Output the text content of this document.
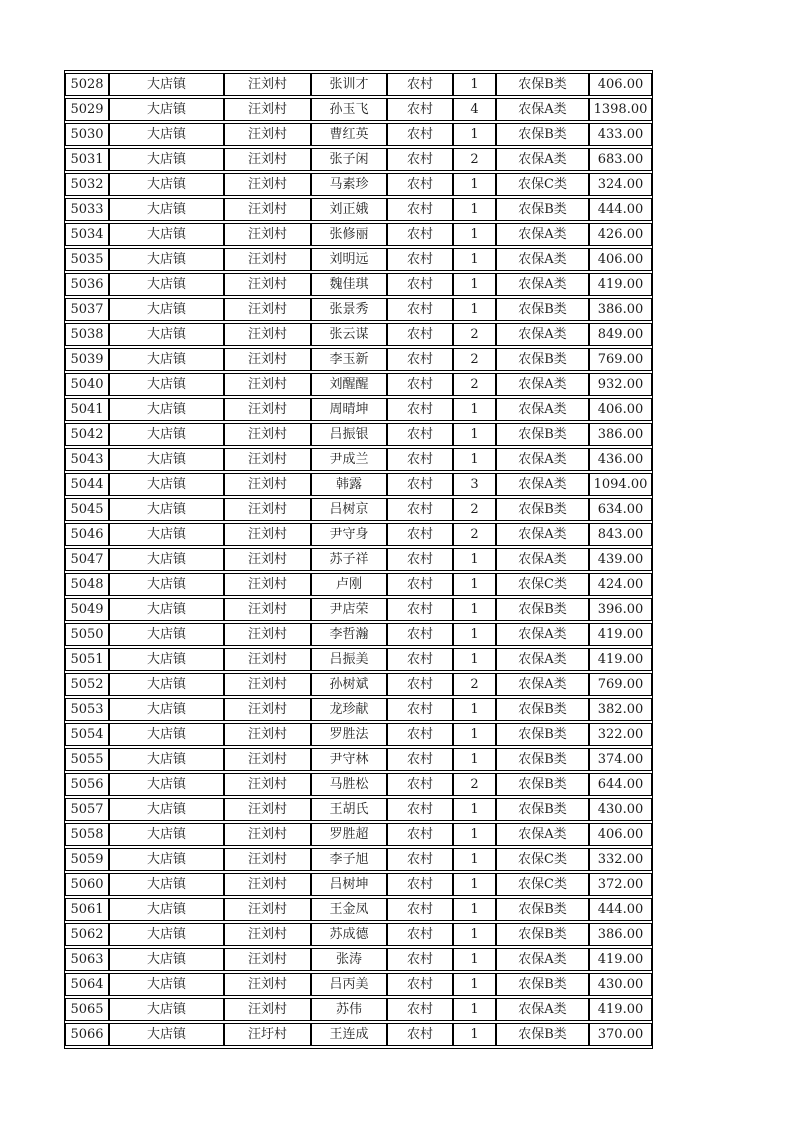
5028	大店镇	汪刘村	张训才	农村	1	农保B类	406.00
5029	大店镇	汪刘村	孙玉飞	农村	4	农保A类	1398.00
5030	大店镇	汪刘村	曹红英	农村	1	农保B类	433.00
5031	大店镇	汪刘村	张子闲	农村	2	农保A类	683.00
5032	大店镇	汪刘村	马素珍	农村	1	农保C类	324.00
5033	大店镇	汪刘村	刘正娥	农村	1	农保B类	444.00
5034	大店镇	汪刘村	张修丽	农村	1	农保A类	426.00
5035	大店镇	汪刘村	刘明远	农村	1	农保A类	406.00
5036	大店镇	汪刘村	魏佳琪	农村	1	农保A类	419.00
5037	大店镇	汪刘村	张景秀	农村	1	农保B类	386.00
5038	大店镇	汪刘村	张云谋	农村	2	农保A类	849.00
5039	大店镇	汪刘村	李玉新	农村	2	农保B类	769.00
5040	大店镇	汪刘村	刘醒醒	农村	2	农保A类	932.00
5041	大店镇	汪刘村	周晴坤	农村	1	农保A类	406.00
5042	大店镇	汪刘村	吕振银	农村	1	农保B类	386.00
5043	大店镇	汪刘村	尹成兰	农村	1	农保A类	436.00
5044	大店镇	汪刘村	韩露	农村	3	农保A类	1094.00
5045	大店镇	汪刘村	吕树京	农村	2	农保B类	634.00
5046	大店镇	汪刘村	尹守身	农村	2	农保A类	843.00
5047	大店镇	汪刘村	苏子祥	农村	1	农保A类	439.00
5048	大店镇	汪刘村	卢刚	农村	1	农保C类	424.00
5049	大店镇	汪刘村	尹店荣	农村	1	农保B类	396.00
5050	大店镇	汪刘村	李哲瀚	农村	1	农保A类	419.00
5051	大店镇	汪刘村	吕振美	农村	1	农保A类	419.00
5052	大店镇	汪刘村	孙树斌	农村	2	农保A类	769.00
5053	大店镇	汪刘村	龙珍献	农村	1	农保B类	382.00
5054	大店镇	汪刘村	罗胜法	农村	1	农保B类	322.00
5055	大店镇	汪刘村	尹守林	农村	1	农保B类	374.00
5056	大店镇	汪刘村	马胜松	农村	2	农保B类	644.00
5057	大店镇	汪刘村	王胡氏	农村	1	农保B类	430.00
5058	大店镇	汪刘村	罗胜超	农村	1	农保A类	406.00
5059	大店镇	汪刘村	李子旭	农村	1	农保C类	332.00
5060	大店镇	汪刘村	吕树坤	农村	1	农保C类	372.00
5061	大店镇	汪刘村	王金凤	农村	1	农保B类	444.00
5062	大店镇	汪刘村	苏成德	农村	1	农保B类	386.00
5063	大店镇	汪刘村	张涛	农村	1	农保A类	419.00
5064	大店镇	汪刘村	吕丙美	农村	1	农保B类	430.00
5065	大店镇	汪刘村	苏伟	农村	1	农保A类	419.00
5066	大店镇	汪圩村	王连成	农村	1	农保B类	370.00
